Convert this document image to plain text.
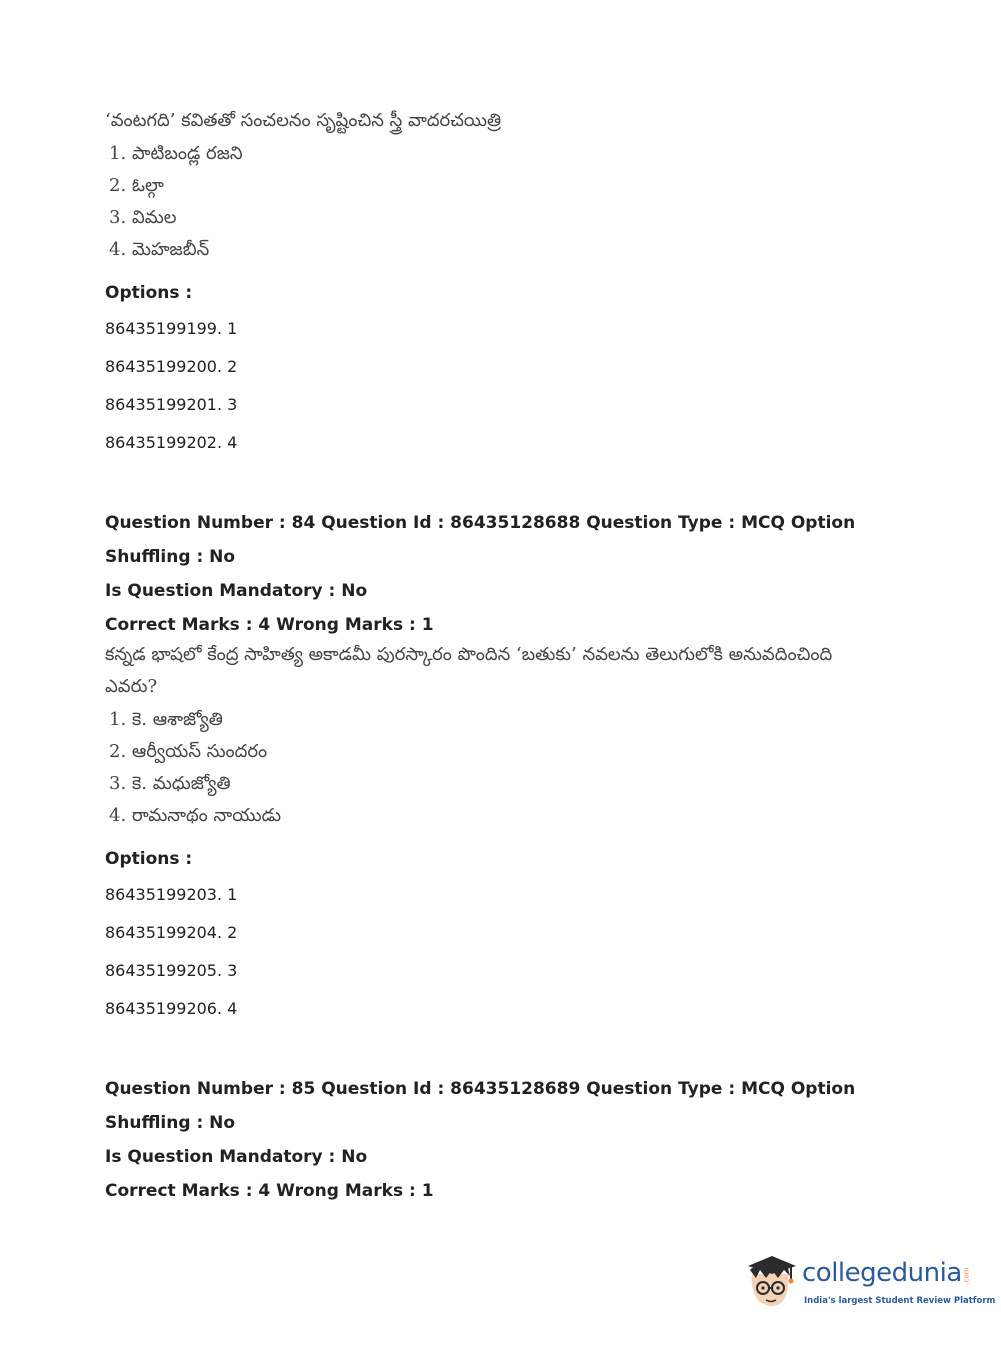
‘వంటగది’ కవితతో సంచలనం సృష్టించిన స్త్రీ వాదరచయిత్రి

1. పాటిబండ్ల రజని
2. ఓల్గా
3. విమల
4. మెహజబీన్
Options :
86435199199. 1
86435199200. 2
86435199201. 3
86435199202. 4
Question Number : 84 Question Id : 86435128688 Question Type : MCQ Option Shuffling : No
Is Question Mandatory : No
Correct Marks : 4 Wrong Marks : 1

కన్నడ భాషలో కేంద్ర సాహిత్య అకాడమీ పురస్కారం పొందిన ‘బతుకు’ నవలను తెలుగులోకి అనువదించింది

ఎవరు?

1. కె. ఆశాజ్యోతి
2. ఆర్వీయస్ సుందరం
3. కె. మధుజ్యోతి
4. రామనాథం నాయుడు
Options :
86435199203. 1
86435199204. 2
86435199205. 3
86435199206. 4
Question Number : 85 Question Id : 86435128689 Question Type : MCQ Option Shuffling : No
Is Question Mandatory : No
Correct Marks : 4 Wrong Marks : 1
collegedunia .com
India's largest Student Review Platform
